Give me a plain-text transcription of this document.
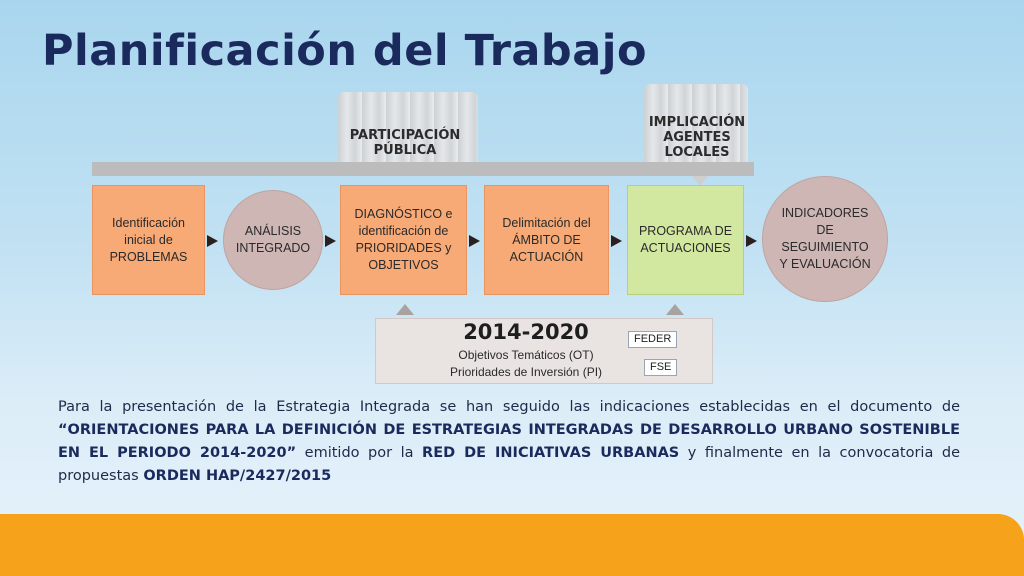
Planificación del Trabajo
PARTICIPACIÓN
PÚBLICA
IMPLICACIÓN
AGENTES
LOCALES
Identificación
inicial de
PROBLEMAS
ANÁLISIS
INTEGRADO
DIAGNÓSTICO e
identificación de
PRIORIDADES y
OBJETIVOS
Delimitación del
ÁMBITO DE
ACTUACIÓN
PROGRAMA DE
ACTUACIONES
INDICADORES
DE
SEGUIMIENTO
Y EVALUACIÓN
2014-2020
Objetivos Temáticos (OT)
Prioridades de Inversión (PI)
FEDER
FSE

Para la presentación de la Estrategia Integrada se han seguido las indicaciones establecidas en el documento de “ORIENTACIONES PARA LA DEFINICIÓN DE ESTRATEGIAS INTEGRADAS DE DESARROLLO URBANO SOSTENIBLE EN EL PERIODO 2014-2020” emitido por la RED DE INICIATIVAS URBANAS y finalmente en la convocatoria de propuestas ORDEN HAP/2427/2015
